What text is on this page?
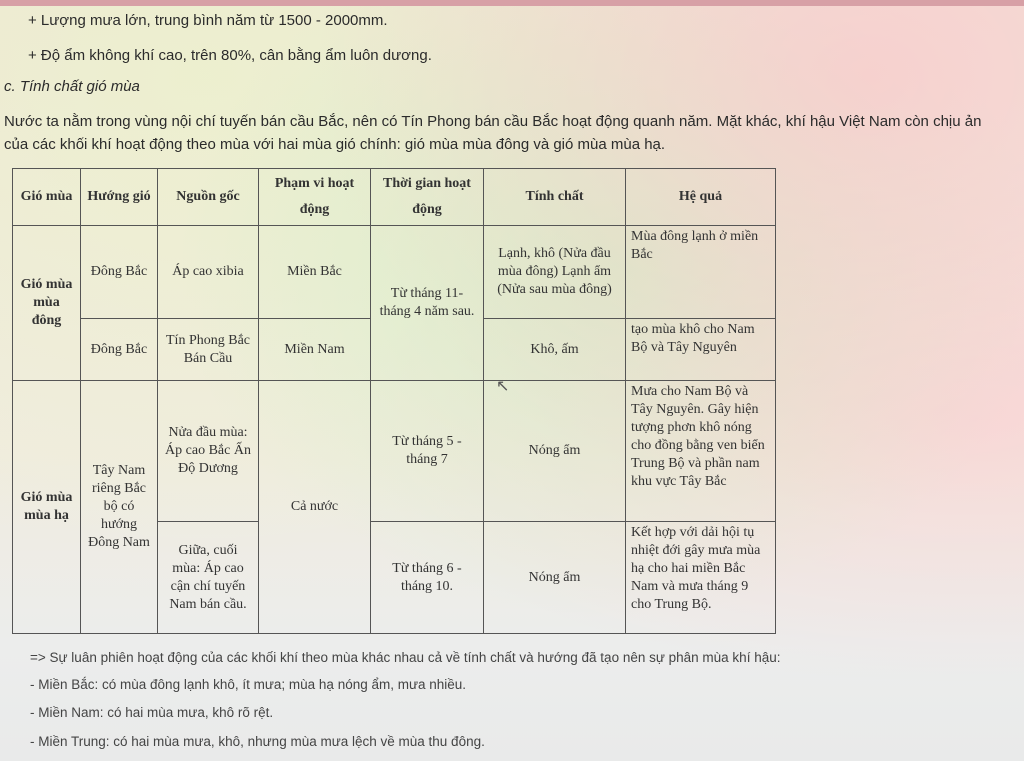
+ Lượng mưa lớn, trung bình năm từ 1500 - 2000mm.
+ Độ ẩm không khí cao, trên 80%, cân bằng ẩm luôn dương.
c. Tính chất gió mùa
Nước ta nằm trong vùng nội chí tuyến bán cầu Bắc, nên có Tín Phong bán cầu Bắc hoạt động quanh năm. Mặt khác, khí hậu Việt Nam còn chịu ản
của các khối khí hoạt động theo mùa với hai mùa gió chính: gió mùa mùa đông và gió mùa mùa hạ.
Gió mùa	Hướng gió	Nguồn gốc	Phạm vi hoạt động	Thời gian hoạt động	Tính chất	Hệ quả
Gió mùa mùa đông	Đông Bắc	Áp cao xibia	Miền Bắc	Từ tháng 11- tháng 4 năm sau.	Lạnh, khô (Nửa đầu mùa đông) Lạnh ẩm (Nửa sau mùa đông)	Mùa đông lạnh ở miền Bắc
	Đông Bắc	Tín Phong Bắc Bán Cầu	Miền Nam		Khô, ấm	tạo mùa khô cho Nam Bộ và Tây Nguyên
Gió mùa mùa hạ	Tây Nam riêng Bắc bộ có hướng Đông Nam	Nửa đầu mùa: Áp cao Bắc Ấn Độ Dương	Cả nước	Từ tháng 5 - tháng 7	Nóng ẩm	Mưa cho Nam Bộ và Tây Nguyên. Gây hiện tượng phơn khô nóng cho đồng bằng ven biển Trung Bộ và phần nam khu vực Tây Bắc
		Giữa, cuối mùa: Áp cao cận chí tuyến Nam bán cầu.		Từ tháng 6 - tháng 10.	Nóng ẩm	Kết hợp với dải hội tụ nhiệt đới gây mưa mùa hạ cho hai miền Bắc Nam và mưa tháng 9 cho Trung Bộ.
↖
=> Sự luân phiên hoạt động của các khối khí theo mùa khác nhau cả về tính chất và hướng đã tạo nên sự phân mùa khí hậu:
- Miền Bắc: có mùa đông lạnh khô, ít mưa; mùa hạ nóng ẩm, mưa nhiều.
- Miền Nam: có hai mùa mưa, khô rõ rệt.
- Miền Trung: có hai mùa mưa, khô, nhưng mùa mưa lệch về mùa thu đông.
